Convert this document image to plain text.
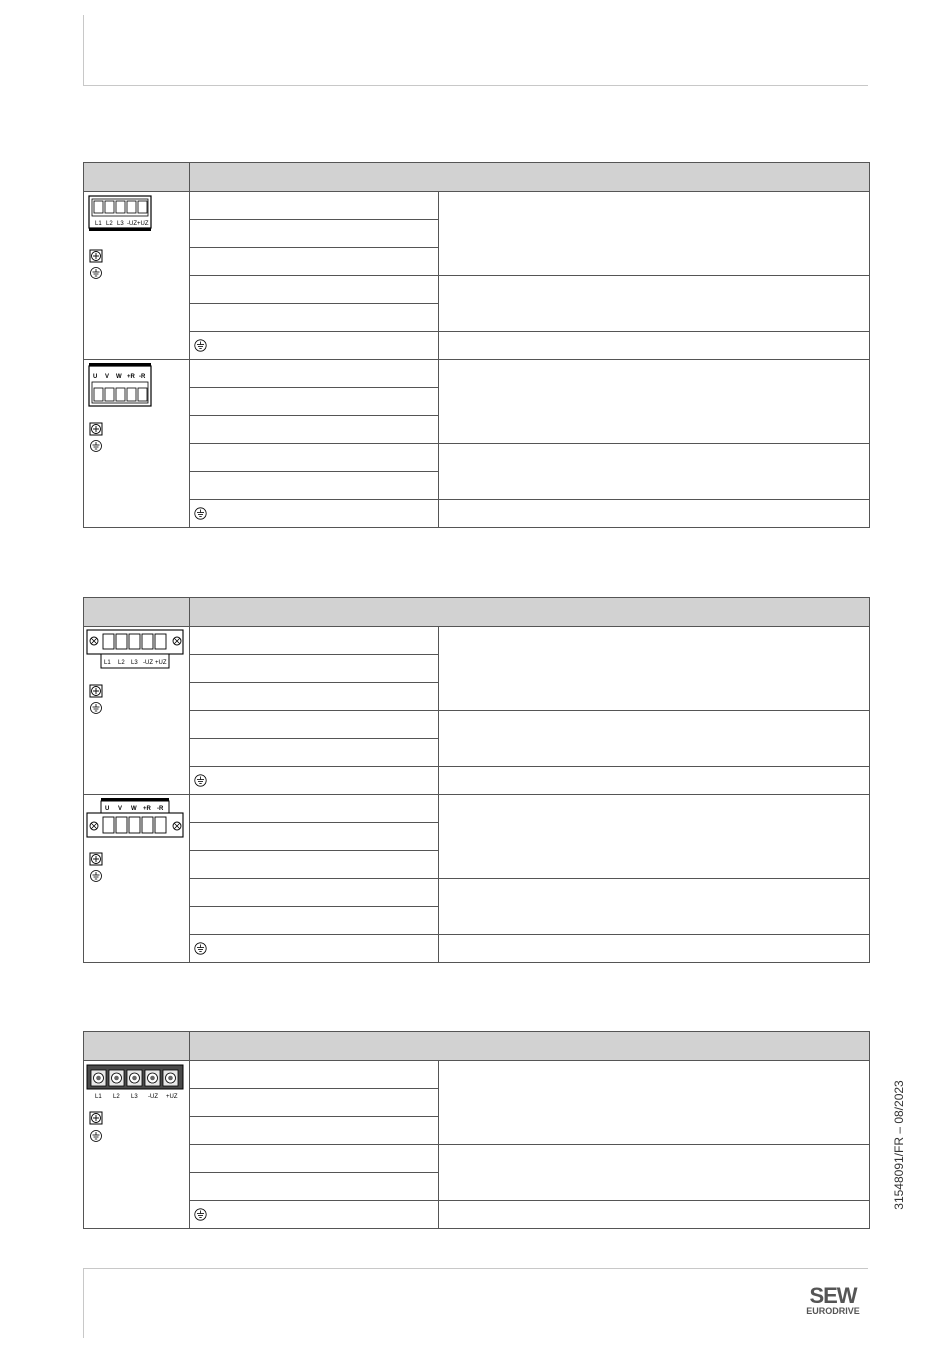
L1 L2 L3 -UZ +UZ		

U V W +R -R		

L1 L2 L3 -UZ +UZ		

U V W +R -R		

L1 L2 L3 -UZ +UZ		

		31548091/FR – 08/2023
SEW
EURODRIVE
